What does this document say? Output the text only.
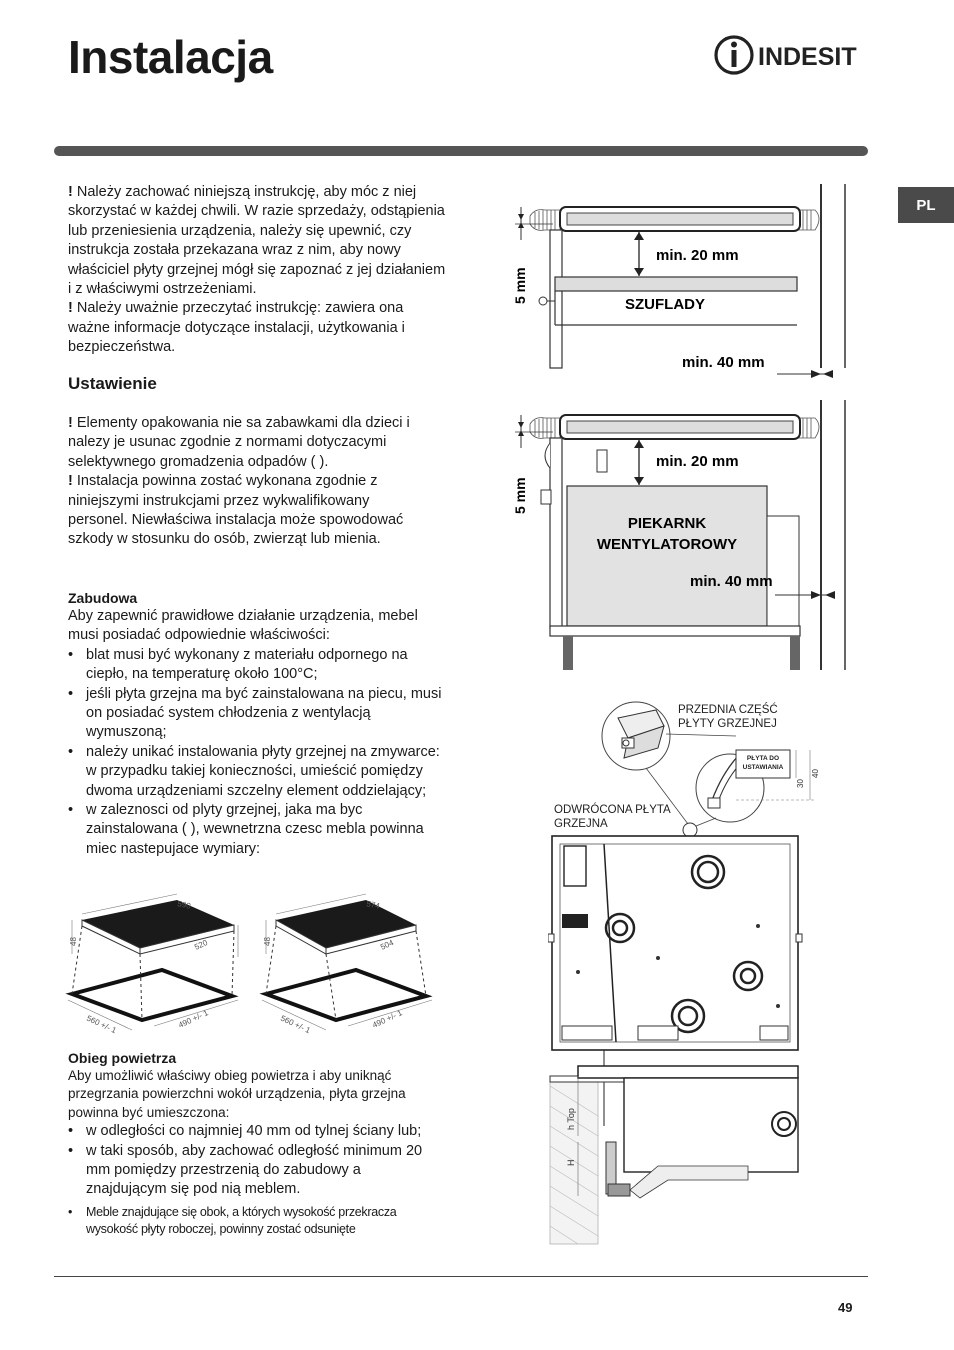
Instalacja	INDESIT
PL

! Należy zachować niniejszą instrukcję, aby móc z niej skorzystać w każdej chwili. W razie sprzedaży, odstąpienia lub przeniesienia urządzenia, należy się upewnić, czy instrukcja została przekazana wraz z nim, aby nowy właściciel płyty grzejnej mógł się zapoznać z jej działaniem i z właściwymi ostrzeżeniami.

! Należy uważnie przeczytać instrukcję: zawiera ona ważne informacje dotyczące instalacji, użytkowania i bezpieczeństwa.

Ustawienie

! Elementy opakowania nie sa zabawkami dla dzieci i nalezy je usunac zgodnie z normami dotyczacymi selektywnego gromadzenia odpadów ( ).

! Instalacja powinna zostać wykonana zgodnie z niniejszymi instrukcjami przez wykwalifikowany personel. Niewłaściwa instalacja może spowodować szkody w stosunku do osób, zwierząt lub mienia.

Zabudowa

Aby zapewnić prawidłowe działanie urządzenia, mebel musi posiadać odpowiednie właściwości:

• blat musi być wykonany z materiału odpornego na ciepło, na temperaturę około 100°C;
• jeśli płyta grzejna ma być zainstalowana na piecu, musi on posiadać system chłodzenia z wentylacją wymuszoną;
• należy unikać instalowania płyty grzejnej na zmywarce: w przypadku takiej konieczności, umieścić pomiędzy dwoma urządzeniami szczelny element oddzielający;
• w zaleznosci od plyty grzejnej, jaka ma byc zainstalowana ( ), wewnetrzna czesc mebla powinna miec nastepujace wymiary:
590
520
48
560 +/- 1	490 +/- 1
574
504
48
560 +/- 1	490 +/- 1
Obieg powietrza

Aby umożliwić właściwy obieg powietrza i aby uniknąć przegrzania powierzchni wokół urządzenia, płyta grzejna powinna być umieszczona:

• w odległości co najmniej 40 mm od tylnej ściany lub;
• w taki sposób, aby zachować odległość minimum 20 mm pomiędzy przestrzenią do zabudowy a znajdującym się pod nią meblem.
• Meble znajdujące się obok, a których wysokość przekracza wysokość płyty roboczej, powinny zostać odsunięte
min. 20 mm
5 mm
SZUFLADY
min. 40 mm
min. 20 mm
5 mm
PIEKARNK
WENTYLATOROWY
min. 40 mm
PRZEDNIA CZĘŚĆ
PŁYTY GRZEJNEJ
PŁYTA DO
USTAWIANIA
30
40
ODWRÓCONA PŁYTA
GRZEJNA
h Top
H
49
